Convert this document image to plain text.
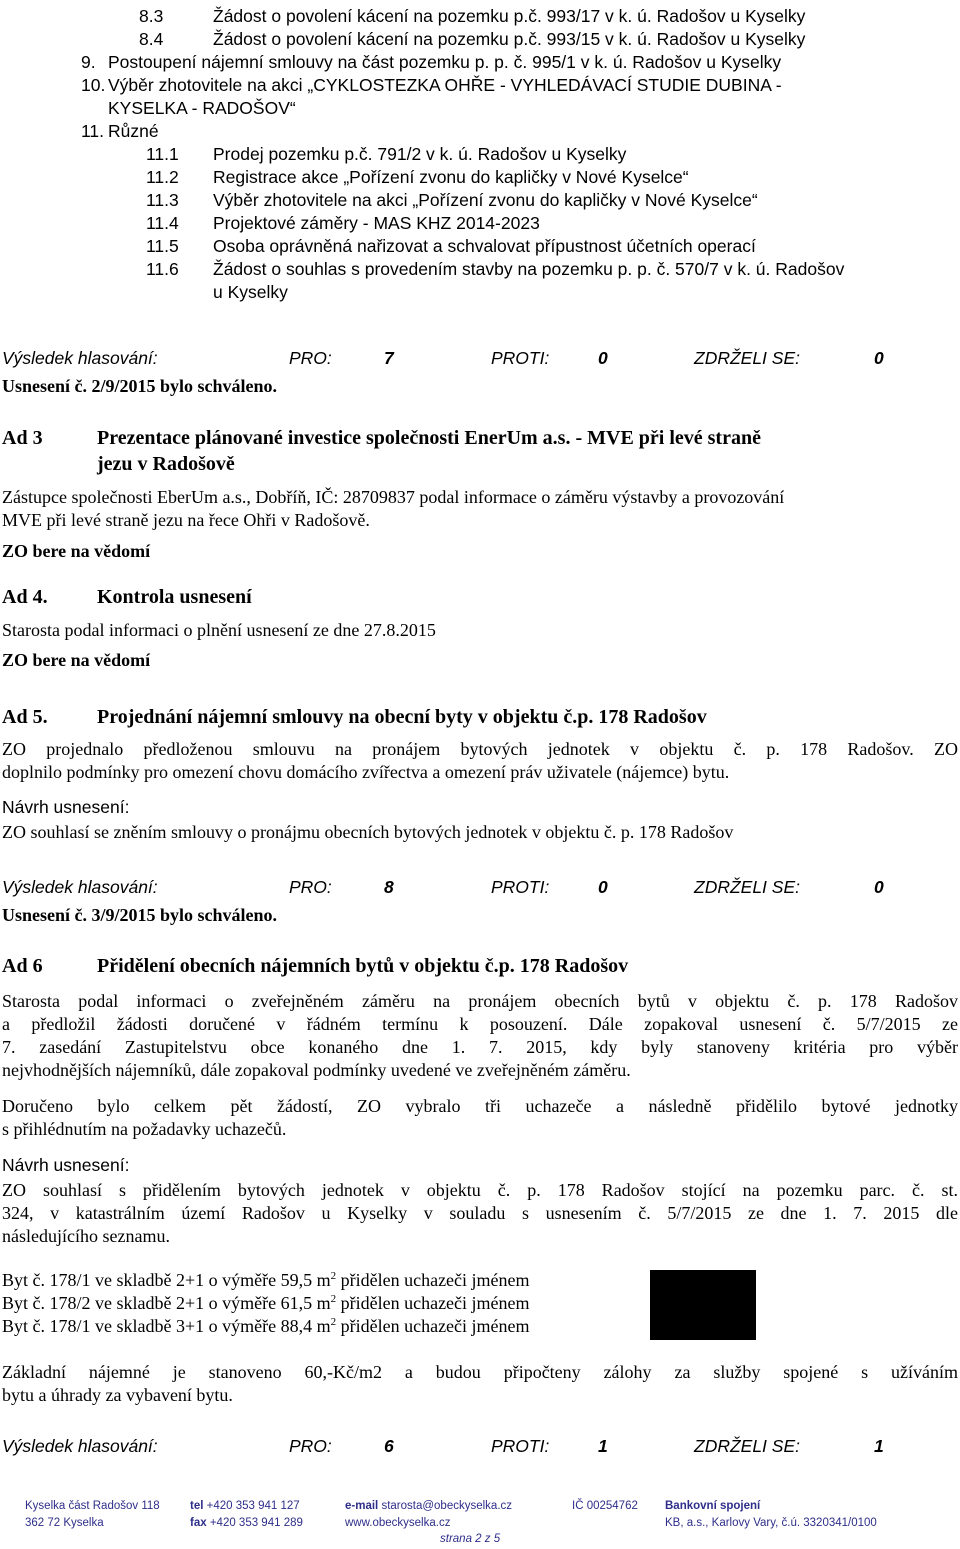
8.3	Žádost o povolení kácení na pozemku p.č. 993/17 v k. ú. Radošov u Kyselky
8.4	Žádost o povolení kácení na pozemku p.č. 993/15 v k. ú. Radošov u Kyselky
9. Postoupení nájemní smlouvy na část pozemku p. p. č. 995/1 v k. ú. Radošov u Kyselky
10. Výběr zhotovitele na akci „CYKLOSTEZKA OHŘE - VYHLEDÁVACÍ STUDIE DUBINA -
KYSELKA - RADOŠOV“
11. Různé
11.1 Prodej pozemku p.č. 791/2 v k. ú. Radošov u Kyselky
11.2 Registrace akce „Pořízení zvonu do kapličky v Nové Kyselce“
11.3 Výběr zhotovitele na akci „Pořízení zvonu do kapličky v Nové Kyselce“
11.4 Projektové záměry - MAS KHZ 2014-2023
11.5 Osoba oprávněná nařizovat a schvalovat přípustnost účetních operací
11.6 Žádost o souhlas s provedením stavby na pozemku p. p. č. 570/7 v k. ú. Radošov
u Kyselky
Výsledek hlasování:	PRO:	7	PROTI:	0	ZDRŽELI SE:	0
Usnesení č. 2/9/2015 bylo schváleno.
Ad 3	Prezentace plánované investice společnosti EnerUm a.s. - MVE při levé straně
jezu v Radošově
Zástupce společnosti EberUm a.s., Dobříň, IČ: 28709837 podal informace o záměru výstavby a provozování
MVE při levé straně jezu na řece Ohři v Radošově.
ZO bere na vědomí
Ad 4. Kontrola usnesení
Starosta podal informaci o plnění usnesení ze dne 27.8.2015
ZO bere na vědomí
Ad 5. Projednání nájemní smlouvy na obecní byty v objektu č.p. 178 Radošov
ZO projednalo předloženou smlouvu na pronájem bytových jednotek v objektu č. p. 178 Radošov. ZO
doplnilo podmínky pro omezení chovu domácího zvířectva a omezení práv uživatele (nájemce) bytu.
Návrh usnesení:
ZO souhlasí se zněním smlouvy o pronájmu obecních bytových jednotek v objektu č. p. 178 Radošov
Výsledek hlasování:	PRO:	8	PROTI:	0	ZDRŽELI SE:	0
Usnesení č. 3/9/2015 bylo schváleno.
Ad 6	Přidělení obecních nájemních bytů v objektu č.p. 178 Radošov
Starosta podal informaci o zveřejněném záměru na pronájem obecních bytů v objektu č. p. 178 Radošov
a předložil žádosti doručené v řádném termínu k posouzení. Dále zopakoval usnesení č. 5/7/2015 ze
7. zasedání Zastupitelstvu obce konaného dne 1. 7. 2015, kdy byly stanoveny kritéria pro výběr
nejvhodnějších nájemníků, dále zopakoval podmínky uvedené ve zveřejněném záměru.
Doručeno bylo celkem pět žádostí, ZO vybralo tři uchazeče a následně přidělilo bytové jednotky
s přihlédnutím na požadavky uchazečů.
Návrh usnesení:
ZO souhlasí s přidělením bytových jednotek v objektu č. p. 178 Radošov stojící na pozemku parc. č. st.
324, v katastrálním území Radošov u Kyselky v souladu s usnesením č. 5/7/2015 ze dne 1. 7. 2015 dle
následujícího seznamu.
Byt č. 178/1 ve skladbě 2+1 o výměře 59,5 $m^2$ přidělen uchazeči jménem
Byt č. 178/2 ve skladbě 2+1 o výměře 61,5 $m^2$ přidělen uchazeči jménem
Byt č. 178/1 ve skladbě 3+1 o výměře 88,4 $m^2$ přidělen uchazeči jménem
Základní nájemné je stanoveno 60,-Kč/m2 a budou připočteny zálohy za služby spojené s užíváním
bytu a úhrady za vybavení bytu.
Výsledek hlasování:	PRO:	6	PROTI:	1	ZDRŽELI SE:	1
Kyselka část Radošov 118
362 72 Kyselka
tel +420 353 941 127
fax +420 353 941 289
e-mail starosta@obeckyselka.cz
www.obeckyselka.cz
IČ 00254762 Bankovní spojení
KB, a.s., Karlovy Vary, č.ú. 3320341/0100
strana 2 z 5
